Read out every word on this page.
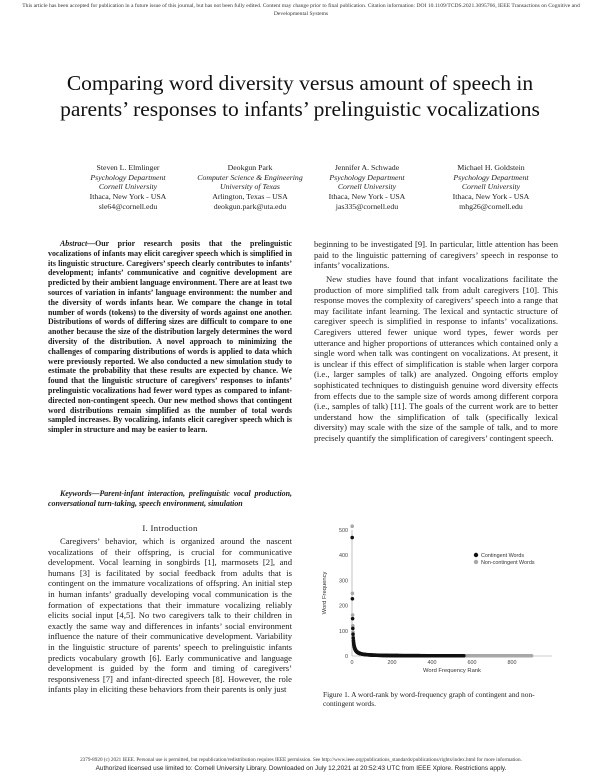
This article has been accepted for publication in a future issue of this journal, but has not been fully edited. Content may change prior to final publication. Citation information: DOI 10.1109/TCDS.2021.3095766, IEEE Transactions on Cognitive and Developmental Systems
Comparing word diversity versus amount of speech in parents’ responses to infants’ prelinguistic vocalizations
Steven L. Elmlinger
Psychology Department
Cornell University
Ithaca, New York - USA
sle64@cornell.edu
Deokgun Park
Computer Science & Engineering
University of Texas
Arlington, Texas – USA
deokgun.park@uta.edu
Jennifer A. Schwade
Psychology Department
Cornell University
Ithaca, New York - USA
jas335@cornell.edu
Michael H. Goldstein
Psychology Department
Cornell University
Ithaca, New York - USA
mhg26@cornell.edu
Abstract—Our prior research posits that the prelinguistic vocalizations of infants may elicit caregiver speech which is simplified in its linguistic structure. Caregivers’ speech clearly contributes to infants’ development; infants’ communicative and cognitive development are predicted by their ambient language environment. There are at least two sources of variation in infants’ language environment: the number and the diversity of words infants hear. We compare the change in total number of words (tokens) to the diversity of words against one another. Distributions of words of differing sizes are difficult to compare to one another because the size of the distribution largely determines the word diversity of the distribution. A novel approach to minimizing the challenges of comparing distributions of words is applied to data which were previously reported. We also conducted a new simulation study to estimate the probability that these results are expected by chance. We found that the linguistic structure of caregivers’ responses to infants’ prelinguistic vocalizations had fewer word types as compared to infant-directed non-contingent speech. Our new method shows that contingent word distributions remain simplified as the number of total words sampled increases. By vocalizing, infants elicit caregiver speech which is simpler in structure and may be easier to learn.
Keywords—Parent-infant interaction, prelinguistic vocal production, conversational turn-taking, speech environment, simulation
I. Introduction
Caregivers’ behavior, which is organized around the nascent vocalizations of their offspring, is crucial for communicative development. Vocal learning in songbirds [1], marmosets [2], and humans [3] is facilitated by social feedback from adults that is contingent on the immature vocalizations of offspring. An initial step in human infants’ gradually developing vocal communication is the formation of expectations that their immature vocalizing reliably elicits social input [4,5]. No two caregivers talk to their children in exactly the same way and differences in infants’ social environment influence the nature of their communicative development. Variability in the linguistic structure of parents’ speech to prelinguistic infants predicts vocabulary growth [6]. Early communicative and language development is guided by the form and timing of caregivers’ responsiveness [7] and infant-directed speech [8]. However, the role infants play in eliciting these behaviors from their parents is only just
beginning to be investigated [9]. In particular, little attention has been paid to the linguistic patterning of caregivers’ speech in response to infants’ vocalizations.
New studies have found that infant vocalizations facilitate the production of more simplified talk from adult caregivers [10]. This response moves the complexity of caregivers’ speech into a range that may facilitate infant learning. The lexical and syntactic structure of caregiver speech is simplified in response to infants’ vocalizations. Caregivers uttered fewer unique word types, fewer words per utterance and higher proportions of utterances which contained only a single word when talk was contingent on vocalizations. At present, it is unclear if this effect of simplification is stable when larger corpora (i.e., larger samples of talk) are analyzed. Ongoing efforts employ sophisticated techniques to distinguish genuine word diversity effects from effects due to the sample size of words among different corpora (i.e., samples of talk) [11]. The goals of the current work are to better understand how the simplification of talk (specifically lexical diversity) may scale with the size of the sample of talk, and to more precisely quantify the simplification of caregivers’ contingent speech.
0
100
200
300
400
500
0	200	400	600	800
Word Frequency Rank
Word Frequency
Contingent Words
Non-contingent Words
Figure 1. A word-rank by word-frequency graph of contingent and non-contingent words.
2379-8920 (c) 2021 IEEE. Personal use is permitted, but republication/redistribution requires IEEE permission. See http://www.ieee.org/publications_standards/publications/rights/index.html for more information.
Authorized licensed use limited to: Cornell University Library. Downloaded on July 12,2021 at 20:52:43 UTC from IEEE Xplore. Restrictions apply.
